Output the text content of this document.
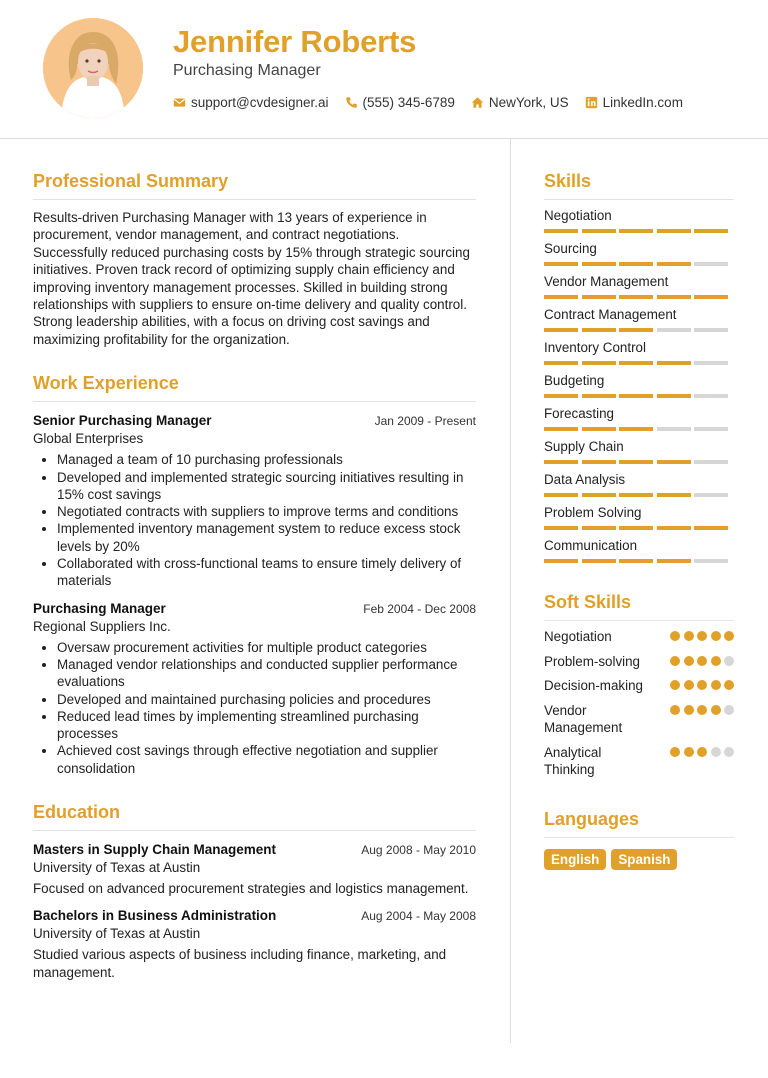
Jennifer Roberts
Purchasing Manager
support@cvdesigner.ai	(555) 345-6789	NewYork, US	LinkedIn.com
Professional Summary

Results-driven Purchasing Manager with 13 years of experience in procurement, vendor management, and contract negotiations. Successfully reduced purchasing costs by 15% through strategic sourcing initiatives. Proven track record of optimizing supply chain efficiency and improving inventory management processes. Skilled in building strong relationships with suppliers to ensure on-time delivery and quality control. Strong leadership abilities, with a focus on driving cost savings and maximizing profitability for the organization.

Work Experience
Senior Purchasing Manager	Jan 2009 - Present
Global Enterprises
• Managed a team of 10 purchasing professionals
• Developed and implemented strategic sourcing initiatives resulting in 15% cost savings
• Negotiated contracts with suppliers to improve terms and conditions
• Implemented inventory management system to reduce excess stock levels by 20%
• Collaborated with cross-functional teams to ensure timely delivery of materials
Purchasing Manager	Feb 2004 - Dec 2008
Regional Suppliers Inc.
• Oversaw procurement activities for multiple product categories
• Managed vendor relationships and conducted supplier performance evaluations
• Developed and maintained purchasing policies and procedures
• Reduced lead times by implementing streamlined purchasing processes
• Achieved cost savings through effective negotiation and supplier consolidation
Education
Masters in Supply Chain Management	Aug 2008 - May 2010
University of Texas at Austin
Focused on advanced procurement strategies and logistics management.
Bachelors in Business Administration	Aug 2004 - May 2008
University of Texas at Austin
Studied various aspects of business including finance, marketing, and management.
Skills
Negotiation
Sourcing
Vendor Management
Contract Management
Inventory Control
Budgeting
Forecasting
Supply Chain
Data Analysis
Problem Solving
Communication
Soft Skills
Negotiation
Problem-solving
Decision-making
Vendor Management
Analytical Thinking
Languages
English	Spanish
